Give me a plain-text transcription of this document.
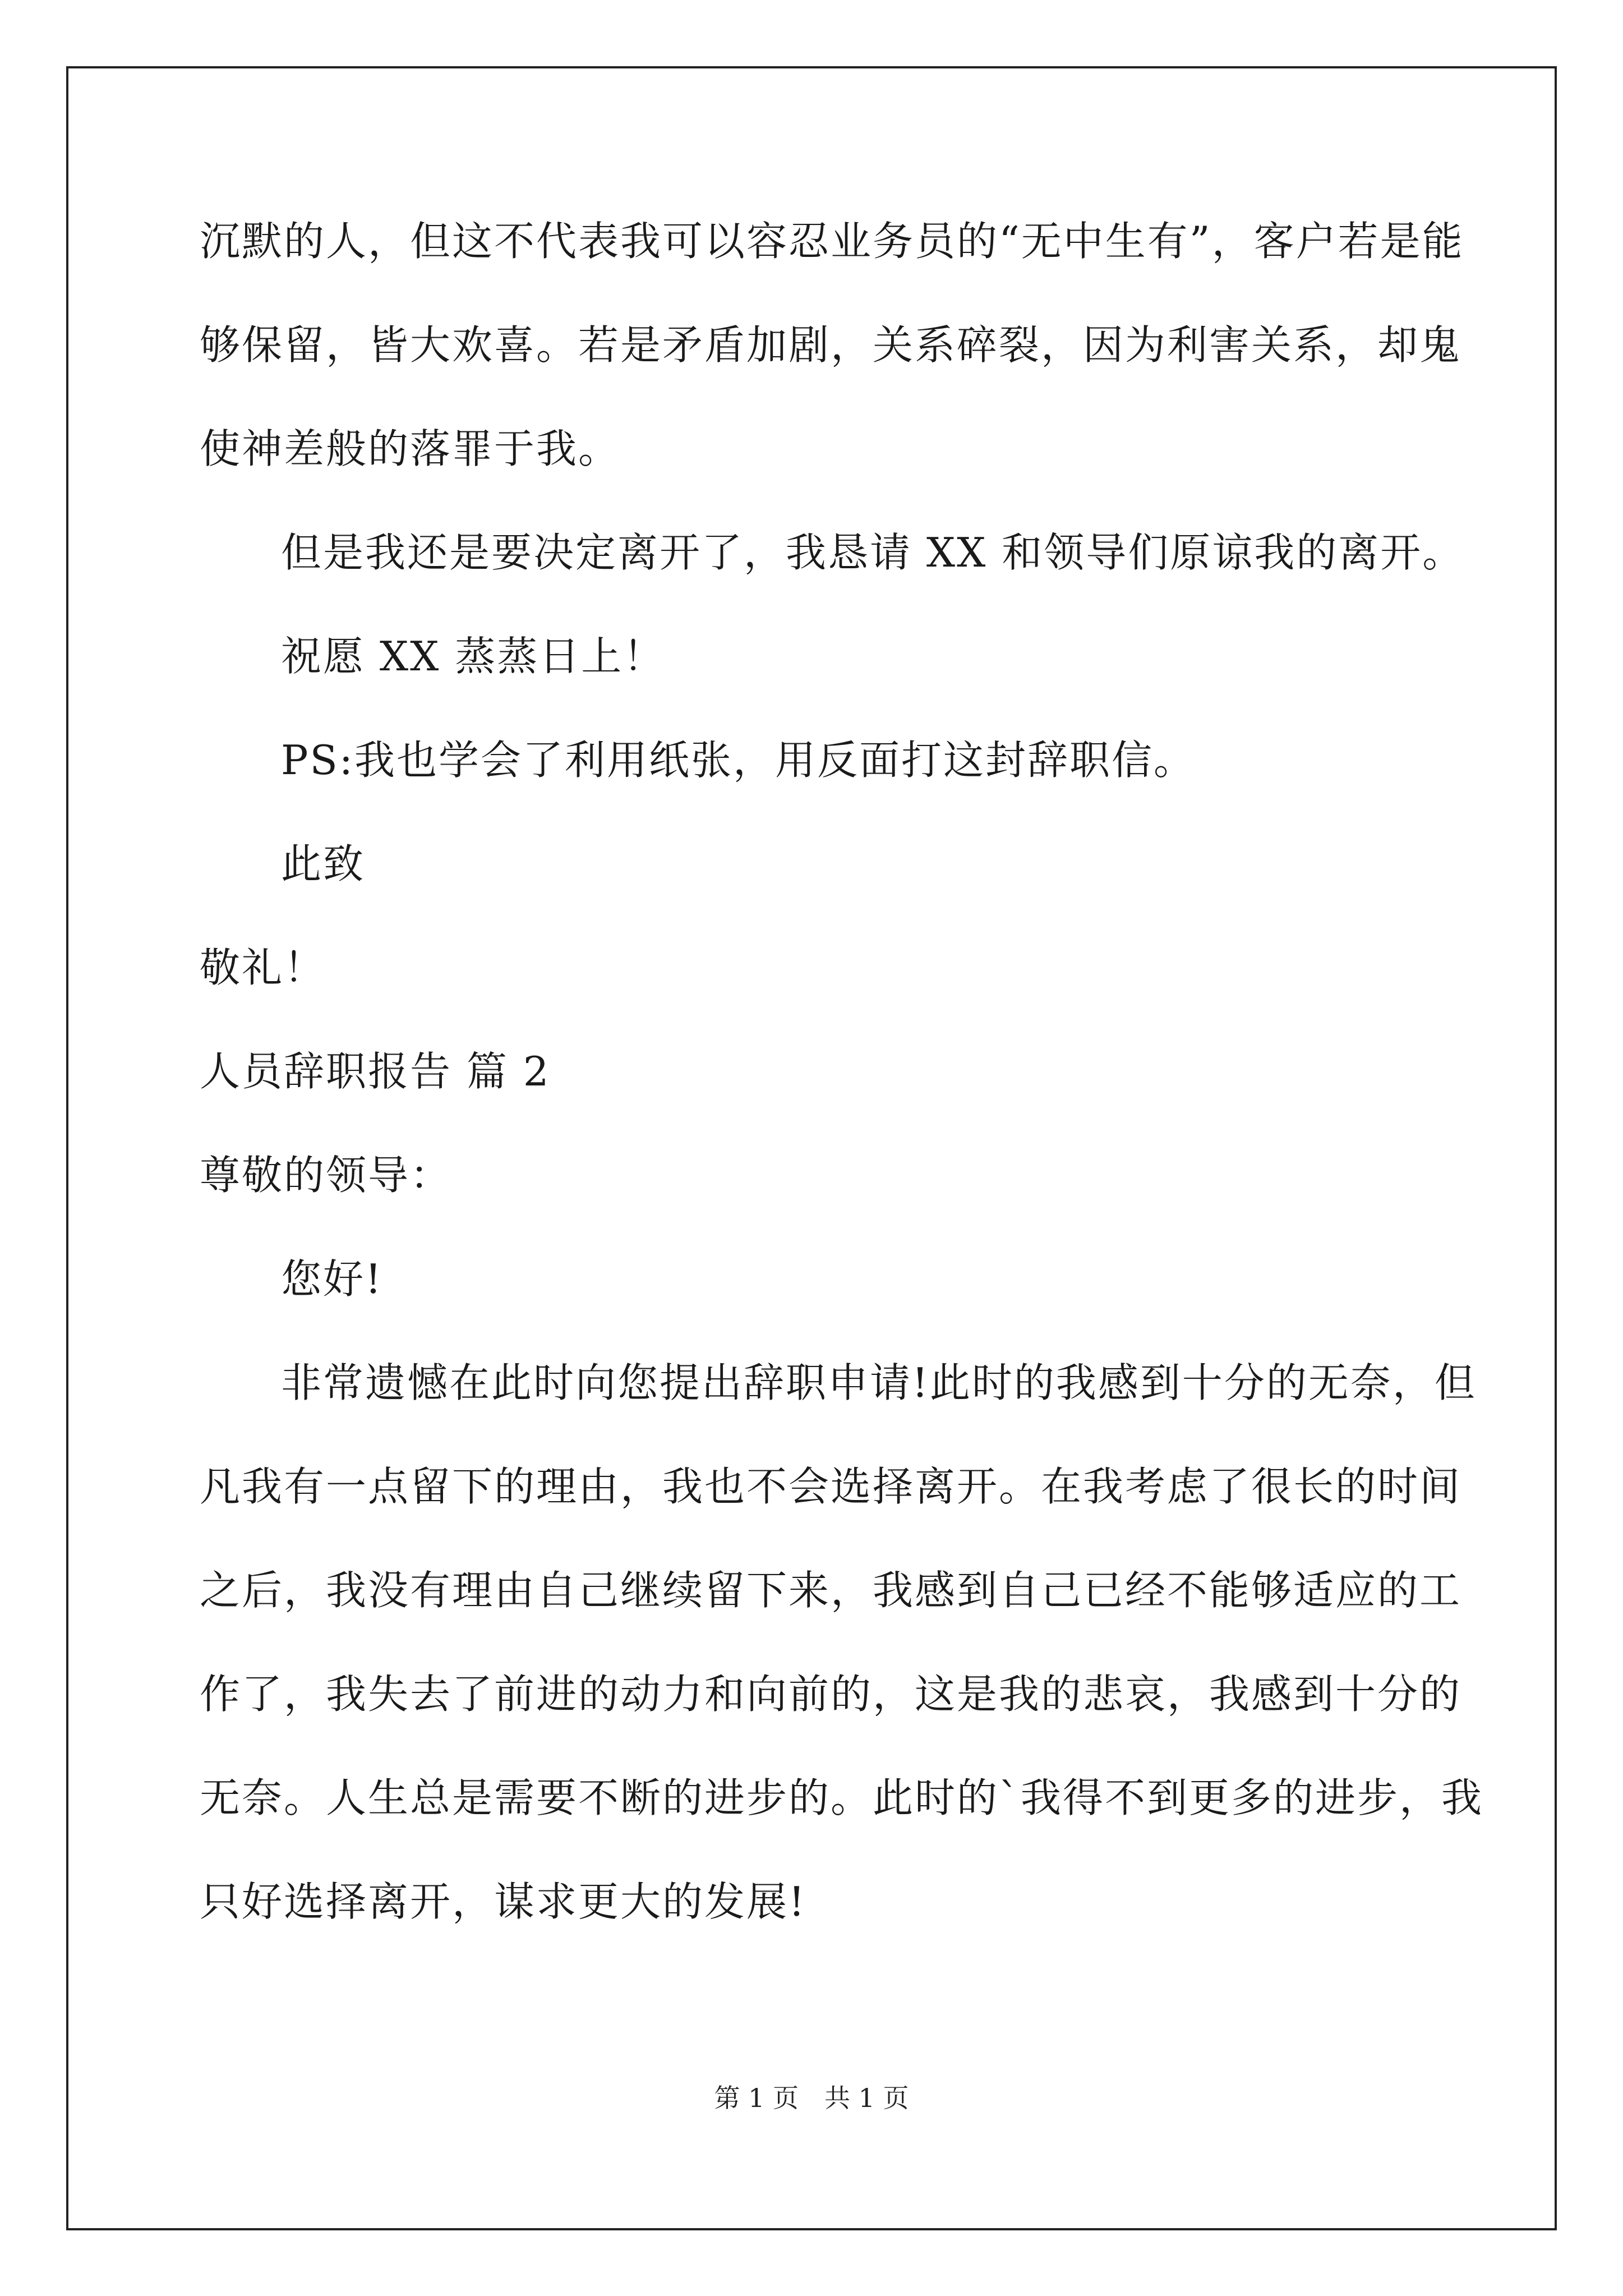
沉默的人，但这不代表我可以容忍业务员的“无中生有”，客户若是能
够保留，皆大欢喜。若是矛盾加剧，关系碎裂，因为利害关系，却鬼
使神差般的落罪于我。
但是我还是要决定离开了，我恳请 XX 和领导们原谅我的离开。
祝愿 XX 蒸蒸日上！
PS:我也学会了利用纸张，用反面打这封辞职信。
此致
敬礼！
人员辞职报告 篇 2
尊敬的领导：
您好!
非常遗憾在此时向您提出辞职申请!此时的我感到十分的无奈，但
凡我有一点留下的理由，我也不会选择离开。在我考虑了很长的时间
之后，我没有理由自己继续留下来，我感到自己已经不能够适应的工
作了，我失去了前进的动力和向前的，这是我的悲哀，我感到十分的
无奈。人生总是需要不断的进步的。此时的`我得不到更多的进步，我
只好选择离开，谋求更大的发展!
第 1 页　共 1 页
